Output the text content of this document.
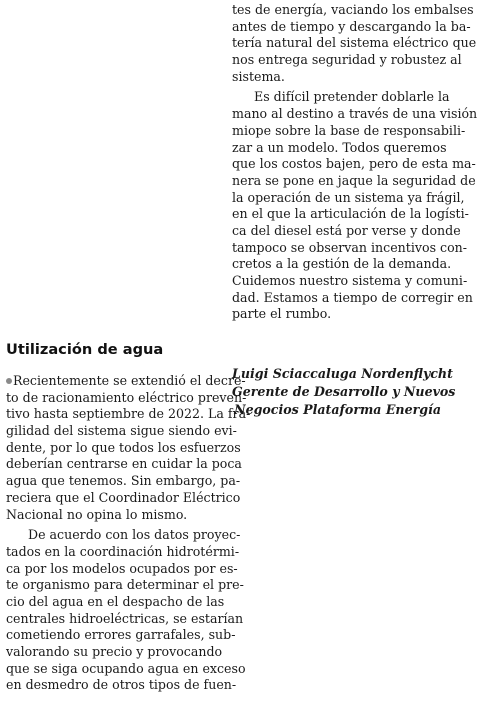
tes de energía, vaciando los embalses
antes de tiempo y descargando la ba-
tería natural del sistema eléctrico que
nos entrega seguridad y robustez al
sistema.
Es difícil pretender doblarle la
mano al destino a través de una visión
miope sobre la base de responsabili-
zar a un modelo. Todos queremos
que los costos bajen, pero de esta ma-
nera se pone en jaque la seguridad de
la operación de un sistema ya frágil,
en el que la articulación de la logísti-
ca del diesel está por verse y donde
tampoco se observan incentivos con-
cretos a la gestión de la demanda.
Cuidemos nuestro sistema y comuni-
dad. Estamos a tiempo de corregir en
parte el rumbo.
Luigi Sciaccaluga Nordenflycht
Gerente de Desarrollo y Nuevos
Negocios Plataforma Energía
Utilización de agua
Recientemente se extendió el decre-
to de racionamiento eléctrico preven-
tivo hasta septiembre de 2022. La fra-
gilidad del sistema sigue siendo evi-
dente, por lo que todos los esfuerzos
deberían centrarse en cuidar la poca
agua que tenemos. Sin embargo, pa-
reciera que el Coordinador Eléctrico
Nacional no opina lo mismo.
De acuerdo con los datos proyec-
tados en la coordinación hidrotérmi-
ca por los modelos ocupados por es-
te organismo para determinar el pre-
cio del agua en el despacho de las
centrales hidroeléctricas, se estarían
cometiendo errores garrafales, sub-
valorando su precio y provocando
que se siga ocupando agua en exceso
en desmedro de otros tipos de fuen-
